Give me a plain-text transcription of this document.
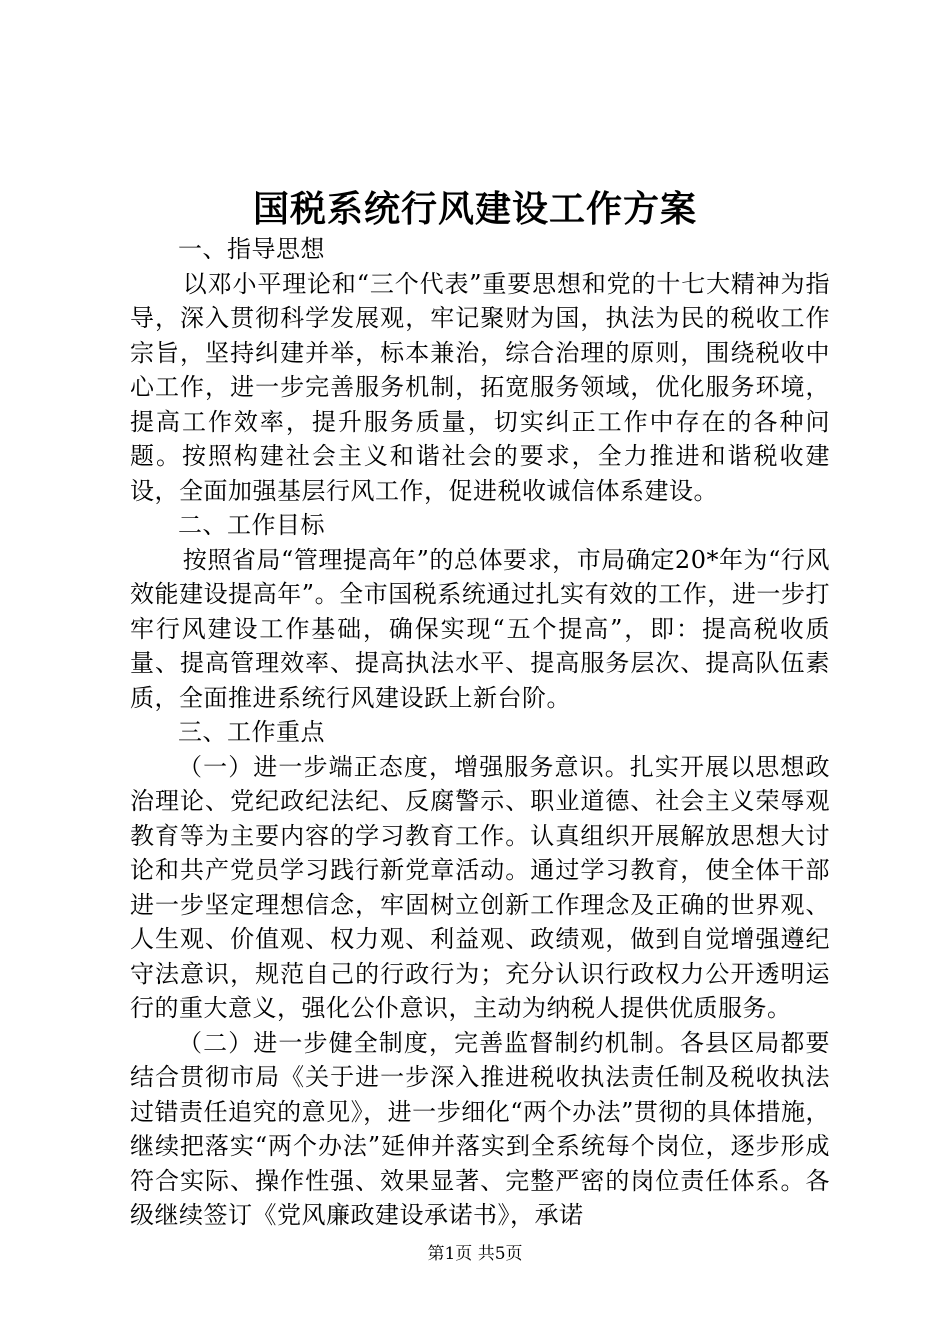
国税系统行风建设工作方案

一、指导思想

以邓小平理论和“三个代表”重要思想和党的十七大精神为指导，深入贯彻科学发展观，牢记聚财为国，执法为民的税收工作宗旨，坚持纠建并举，标本兼治，综合治理的原则，围绕税收中心工作，进一步完善服务机制，拓宽服务领域，优化服务环境，提高工作效率，提升服务质量，切实纠正工作中存在的各种问题。按照构建社会主义和谐社会的要求，全力推进和谐税收建设，全面加强基层行风工作，促进税收诚信体系建设。

二、工作目标

按照省局“管理提高年”的总体要求，市局确定20*年为“行风效能建设提高年”。全市国税系统通过扎实有效的工作，进一步打牢行风建设工作基础，确保实现“五个提高”，即：提高税收质量、提高管理效率、提高执法水平、提高服务层次、提高队伍素质，全面推进系统行风建设跃上新台阶。

三、工作重点

（一）进一步端正态度，增强服务意识。扎实开展以思想政治理论、党纪政纪法纪、反腐警示、职业道德、社会主义荣辱观教育等为主要内容的学习教育工作。认真组织开展解放思想大讨论和共产党员学习践行新党章活动。通过学习教育，使全体干部进一步坚定理想信念，牢固树立创新工作理念及正确的世界观、人生观、价值观、权力观、利益观、政绩观，做到自觉增强遵纪守法意识，规范自己的行政行为；充分认识行政权力公开透明运行的重大意义，强化公仆意识，主动为纳税人提供优质服务。

（二）进一步健全制度，完善监督制约机制。各县区局都要结合贯彻市局《关于进一步深入推进税收执法责任制及税收执法过错责任追究的意见》，进一步细化“两个办法”贯彻的具体措施，继续把落实“两个办法”延伸并落实到全系统每个岗位，逐步形成符合实际、操作性强、效果显著、完整严密的岗位责任体系。各级继续签订《党风廉政建设承诺书》，承诺

第1页 共5页
